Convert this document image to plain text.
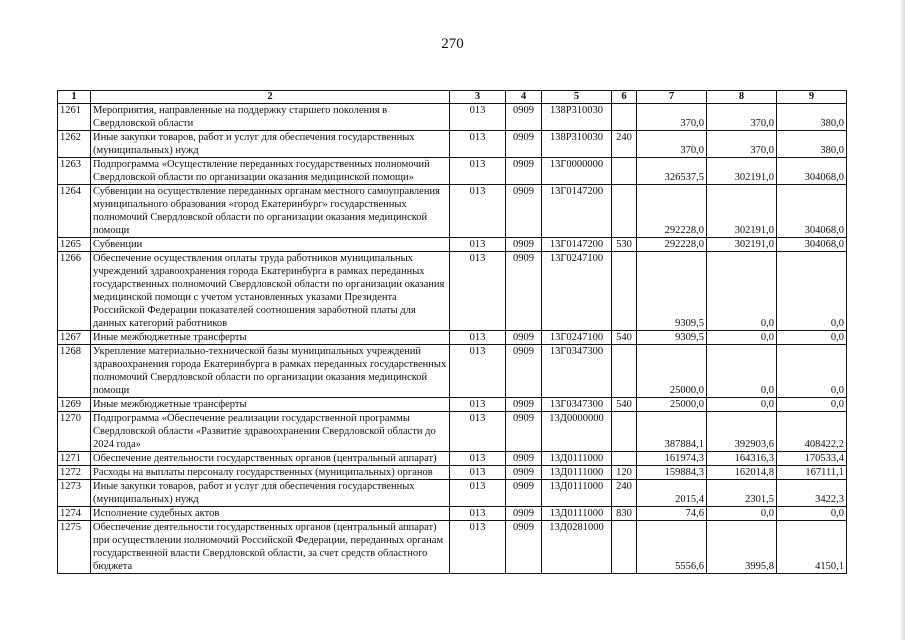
270
1	2	3	4	5	6	7	8	9
1261	Мероприятия, направленные на поддержку старшего поколения в Свердловской области	013	0909	138Р310030		370,0	370,0	380,0
1262	Иные закупки товаров, работ и услуг для обеспечения государственных (муниципальных) нужд	013	0909	138Р310030	240	370,0	370,0	380,0
1263	Подпрограмма «Осуществление переданных государственных полномочий Свердловской области по организации оказания медицинской помощи»	013	0909	13Г0000000		326537,5	302191,0	304068,0
1264	Субвенции на осуществление переданных органам местного самоуправления муниципального образования «город Екатеринбург» государственных полномочий Свердловской области по организации оказания медицинской помощи	013	0909	13Г0147200		292228,0	302191,0	304068,0
1265	Субвенции	013	0909	13Г0147200	530	292228,0	302191,0	304068,0
1266	Обеспечение осуществления оплаты труда работников муниципальных учреждений здравоохранения города Екатеринбурга в рамках переданных государственных полномочий Свердловской области по организации оказания медицинской помощи с учетом установленных указами Президента Российской Федерации показателей соотношения заработной платы для данных категорий работников	013	0909	13Г0247100		9309,5	0,0	0,0
1267	Иные межбюджетные трансферты	013	0909	13Г0247100	540	9309,5	0,0	0,0
1268	Укрепление материально-технической базы муниципальных учреждений здравоохранения города Екатеринбурга в рамках переданных государственных полномочий Свердловской области по организации оказания медицинской помощи	013	0909	13Г0347300		25000,0	0,0	0,0
1269	Иные межбюджетные трансферты	013	0909	13Г0347300	540	25000,0	0,0	0,0
1270	Подпрограмма «Обеспечение реализации государственной программы Свердловской области «Развитие здравоохранения Свердловской области до 2024 года»	013	0909	13Д0000000		387884,1	392903,6	408422,2
1271	Обеспечение деятельности государственных органов (центральный аппарат)	013	0909	13Д0111000		161974,3	164316,3	170533,4
1272	Расходы на выплаты персоналу государственных (муниципальных) органов	013	0909	13Д0111000	120	159884,3	162014,8	167111,1
1273	Иные закупки товаров, работ и услуг для обеспечения государственных (муниципальных) нужд	013	0909	13Д0111000	240	2015,4	2301,5	3422,3
1274	Исполнение судебных актов	013	0909	13Д0111000	830	74,6	0,0	0,0
1275	Обеспечение деятельности государственных органов (центральный аппарат) при осуществлении полномочий Российской Федерации, переданных органам государственной власти Свердловской области, за счет средств областного бюджета	013	0909	13Д0281000		5556,6	3995,8	4150,1
